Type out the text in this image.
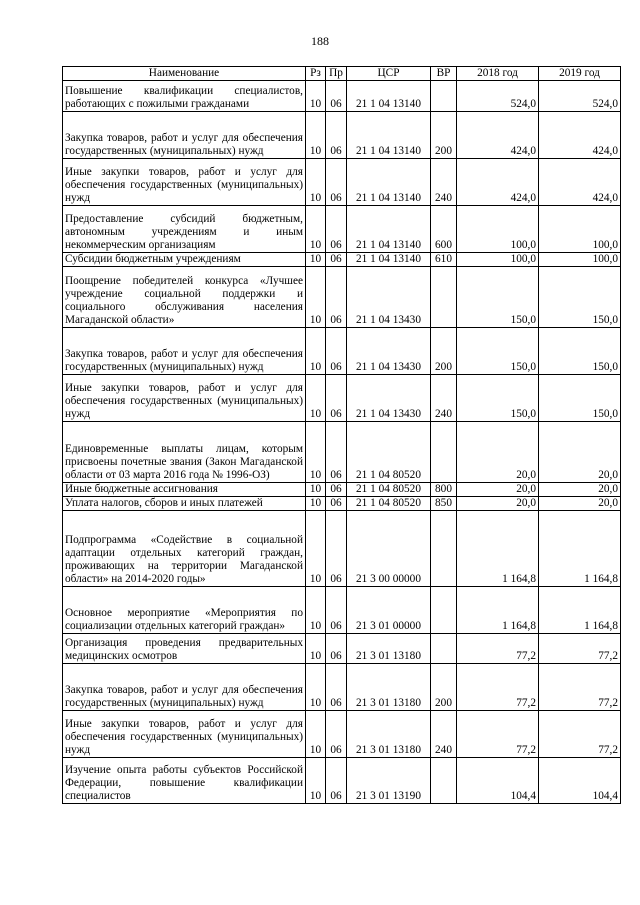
188
Наименование	Рз	Пр	ЦСР	ВР	2018 год	2019 год
Повышение квалификации специалистов, работающих с пожилыми гражданами	10	06	21 1 04 13140		524,0	524,0
Закупка товаров, работ и услуг для обеспечения государственных (муниципальных) нужд	10	06	21 1 04 13140	200	424,0	424,0
Иные закупки товаров, работ и услуг для обеспечения государственных (муниципальных) нужд	10	06	21 1 04 13140	240	424,0	424,0
Предоставление субсидий бюджетным, автономным учреждениям и иным некоммерческим организациям	10	06	21 1 04 13140	600	100,0	100,0
Субсидии бюджетным учреждениям	10	06	21 1 04 13140	610	100,0	100,0
Поощрение победителей конкурса «Лучшее учреждение социальной поддержки и социального обслуживания населения Магаданской области»	10	06	21 1 04 13430		150,0	150,0
Закупка товаров, работ и услуг для обеспечения государственных (муниципальных) нужд	10	06	21 1 04 13430	200	150,0	150,0
Иные закупки товаров, работ и услуг для обеспечения государственных (муниципальных) нужд	10	06	21 1 04 13430	240	150,0	150,0
Единовременные выплаты лицам, которым присвоены почетные звания (Закон Магаданской области от 03 марта 2016 года № 1996-ОЗ)	10	06	21 1 04 80520		20,0	20,0
Иные бюджетные ассигнования	10	06	21 1 04 80520	800	20,0	20,0
Уплата налогов, сборов и иных платежей	10	06	21 1 04 80520	850	20,0	20,0
Подпрограмма «Содействие в социальной адаптации отдельных категорий граждан, проживающих на территории Магаданской области» на 2014-2020 годы»	10	06	21 3 00 00000		1 164,8	1 164,8
Основное мероприятие «Мероприятия по социализации отдельных категорий граждан»	10	06	21 3 01 00000		1 164,8	1 164,8
Организация проведения предварительных медицинских осмотров	10	06	21 3 01 13180		77,2	77,2
Закупка товаров, работ и услуг для обеспечения государственных (муниципальных) нужд	10	06	21 3 01 13180	200	77,2	77,2
Иные закупки товаров, работ и услуг для обеспечения государственных (муниципальных) нужд	10	06	21 3 01 13180	240	77,2	77,2
Изучение опыта работы субъектов Российской Федерации, повышение квалификации специалистов	10	06	21 3 01 13190		104,4	104,4
